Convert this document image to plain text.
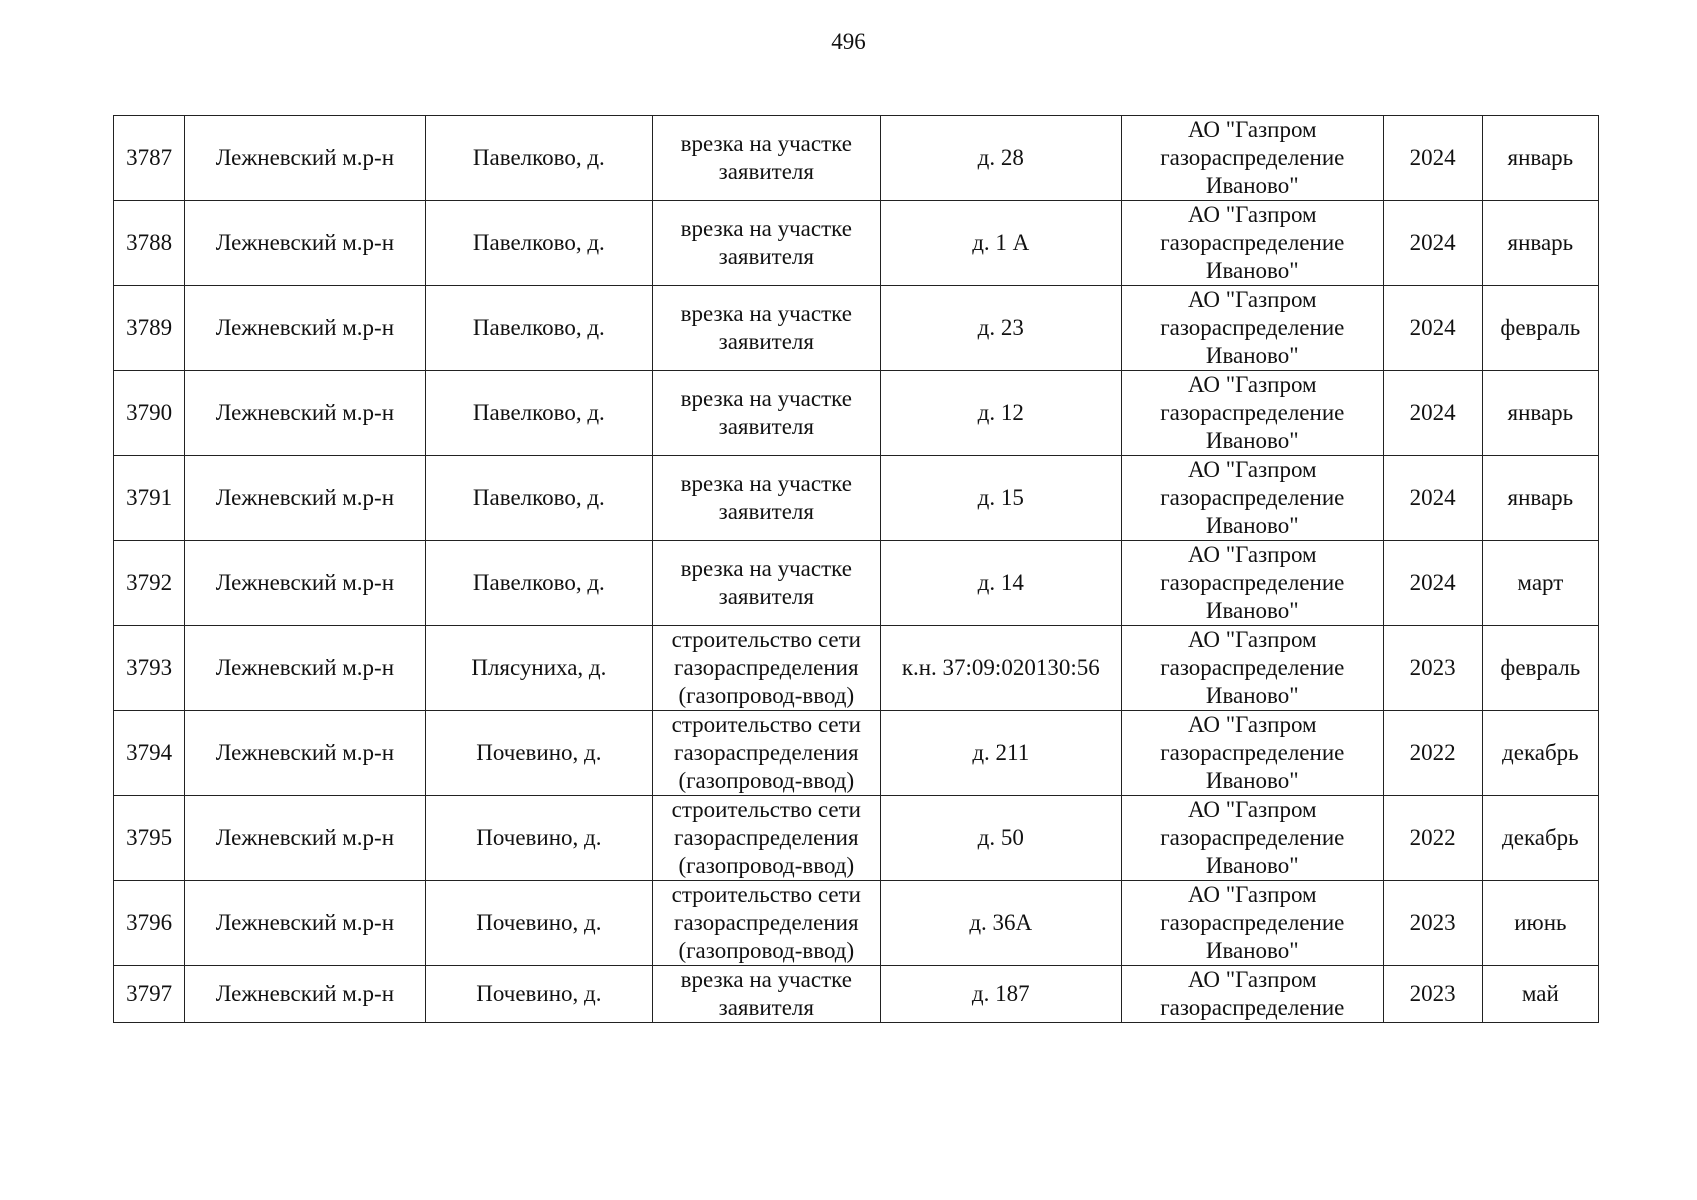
496
3787	Лежневский м.р-н	Павелково, д.	врезка на участке
заявителя	д. 28	АО "Газпром
газораспределение
Иваново"	2024	январь

3788	Лежневский м.р-н	Павелково, д.	врезка на участке
заявителя	д. 1 А	АО "Газпром
газораспределение
Иваново"	2024	январь

3789	Лежневский м.р-н	Павелково, д.	врезка на участке
заявителя	д. 23	АО "Газпром
газораспределение
Иваново"	2024	февраль

3790	Лежневский м.р-н	Павелково, д.	врезка на участке
заявителя	д. 12	АО "Газпром
газораспределение
Иваново"	2024	январь

3791	Лежневский м.р-н	Павелково, д.	врезка на участке
заявителя	д. 15	АО "Газпром
газораспределение
Иваново"	2024	январь

3792	Лежневский м.р-н	Павелково, д.	врезка на участке
заявителя	д. 14	АО "Газпром
газораспределение
Иваново"	2024	март

3793	Лежневский м.р-н	Плясуниха, д.	строительство сети
газораспределения
(газопровод-ввод)	к.н. 37:09:020130:56	АО "Газпром
газораспределение
Иваново"	2023	февраль

3794	Лежневский м.р-н	Почевино, д.	строительство сети
газораспределения
(газопровод-ввод)	д. 211	АО "Газпром
газораспределение
Иваново"	2022	декабрь

3795	Лежневский м.р-н	Почевино, д.	строительство сети
газораспределения
(газопровод-ввод)	д. 50	АО "Газпром
газораспределение
Иваново"	2022	декабрь

3796	Лежневский м.р-н	Почевино, д.	строительство сети
газораспределения
(газопровод-ввод)	д. 36А	АО "Газпром
газораспределение
Иваново"	2023	июнь

3797	Лежневский м.р-н	Почевино, д.	врезка на участке
заявителя	д. 187	АО "Газпром
газораспределение	2023	май
